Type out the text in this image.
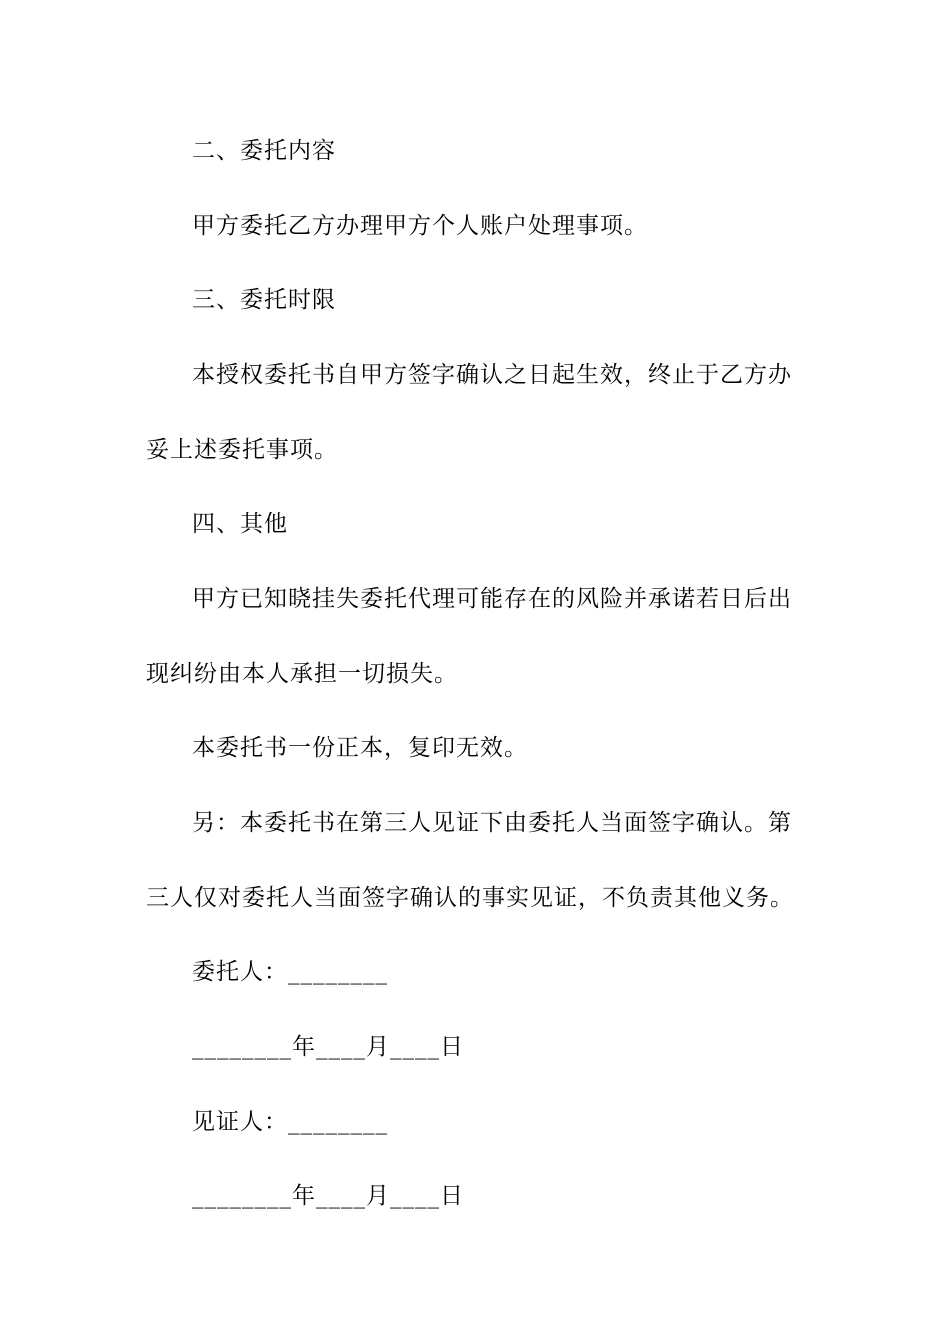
二、委托内容
甲方委托乙方办理甲方个人账户处理事项。
三、委托时限
本授权委托书自甲方签字确认之日起生效，终止于乙方办
妥上述委托事项。
四、其他
甲方已知晓挂失委托代理可能存在的风险并承诺若日后出
现纠纷由本人承担一切损失。
本委托书一份正本，复印无效。
另：本委托书在第三人见证下由委托人当面签字确认。第
三人仅对委托人当面签字确认的事实见证，不负责其他义务。
委托人：________
________年____月____日
见证人：________
________年____月____日
